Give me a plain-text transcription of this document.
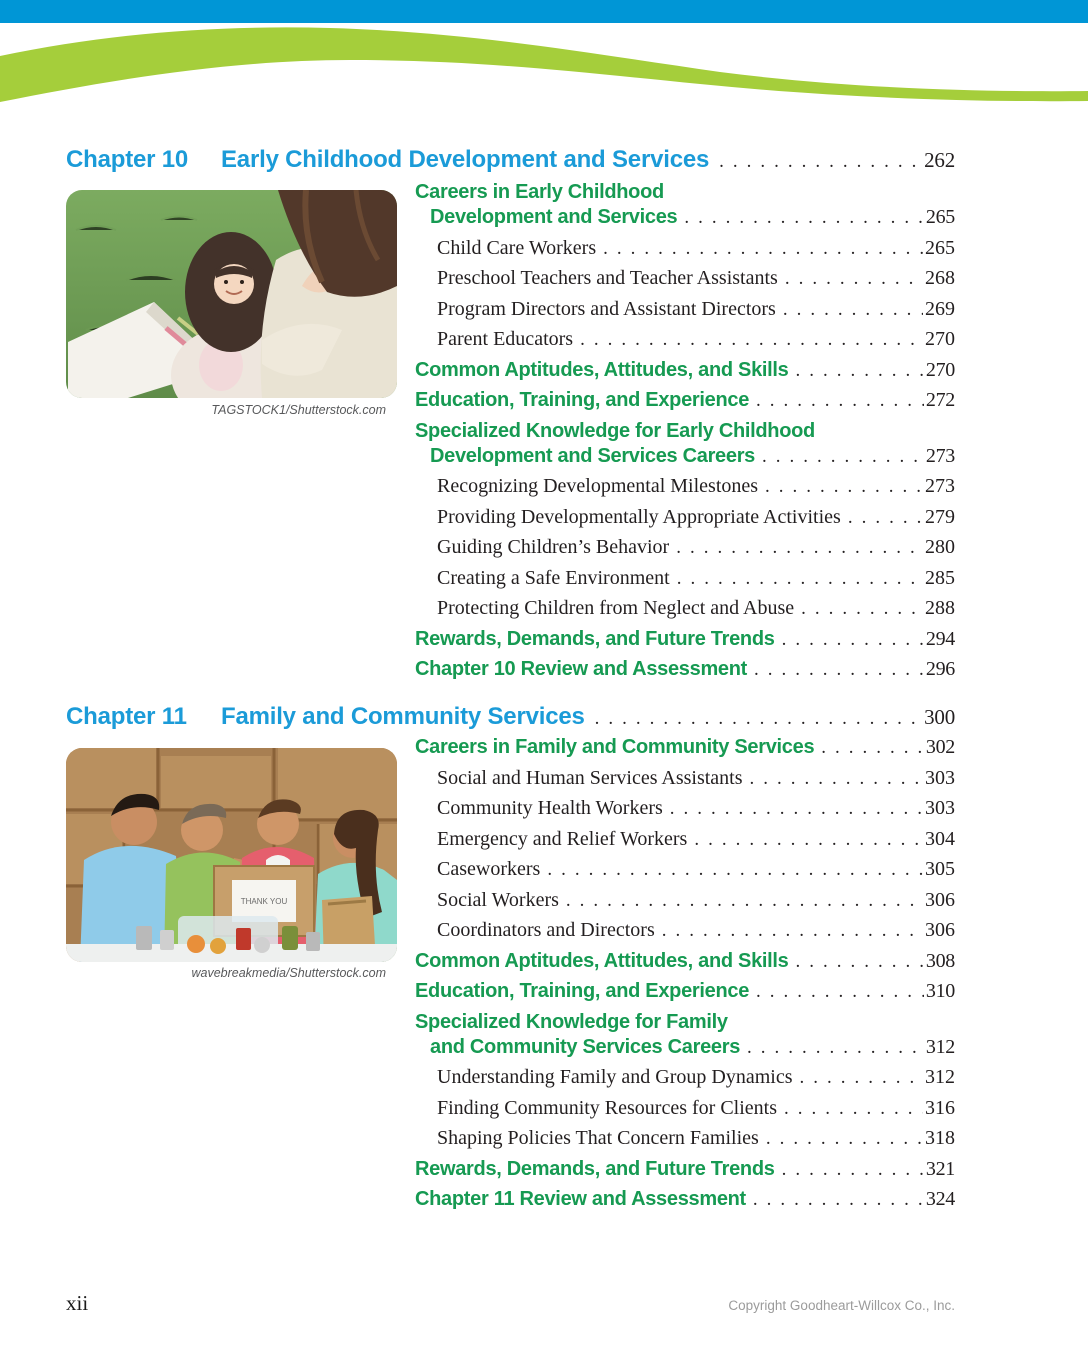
Chapter 10	Early Childhood Development and Services .....	262
TAGSTOCK1/Shutterstock.com
Careers in Early Childhood
Development and Services .....	265
Child Care Workers .....	265
Preschool Teachers and Teacher Assistants .....	268
Program Directors and Assistant Directors .....	269
Parent Educators .....	270
Common Aptitudes, Attitudes, and Skills .....	270
Education, Training, and Experience .....	272
Specialized Knowledge for Early Childhood
Development and Services Careers .....	273
Recognizing Developmental Milestones .....	273
Providing Developmentally Appropriate Activities .....	279
Guiding Children’s Behavior .....	280
Creating a Safe Environment .....	285
Protecting Children from Neglect and Abuse .....	288
Rewards, Demands, and Future Trends .....	294
Chapter 10 Review and Assessment .....	296
Chapter 11	Family and Community Services .....	300
THANK YOU
wavebreakmedia/Shutterstock.com
Careers in Family and Community Services .....	302
Social and Human Services Assistants .....	303
Community Health Workers .....	303
Emergency and Relief Workers .....	304
Caseworkers .....	305
Social Workers .....	306
Coordinators and Directors .....	306
Common Aptitudes, Attitudes, and Skills .....	308
Education, Training, and Experience .....	310
Specialized Knowledge for Family
and Community Services Careers .....	312
Understanding Family and Group Dynamics .....	312
Finding Community Resources for Clients .....	316
Shaping Policies That Concern Families .....	318
Rewards, Demands, and Future Trends .....	321
Chapter 11 Review and Assessment .....	324
xii	Copyright Goodheart-Willcox Co., Inc.
